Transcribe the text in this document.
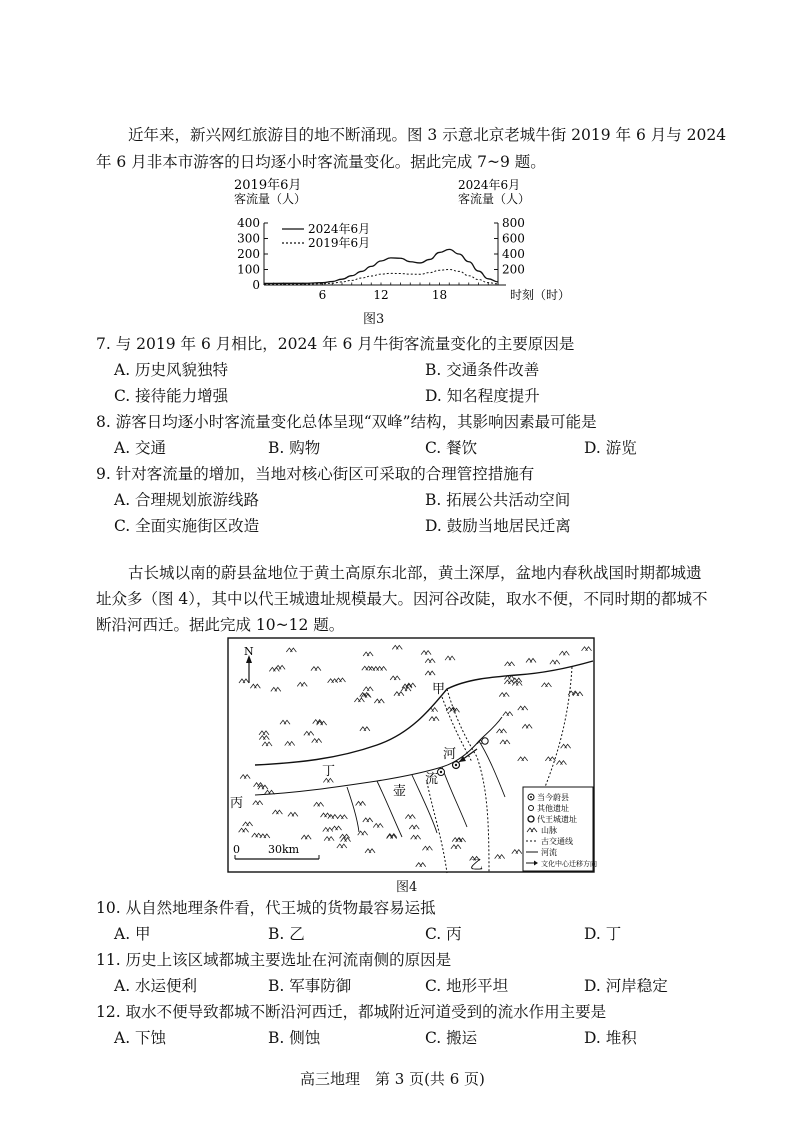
近年来，新兴网红旅游目的地不断涌现。图 3 示意北京老城牛街 2019 年 6 月与 2024
年 6 月非本市游客的日均逐小时客流量变化。据此完成 7~9 题。
2019年6月
客流量（人）
2024年6月
客流量（人）
400
300
200
100
0
800
600
400
200
6	12	18	时刻（时）
2024年6月
2019年6月
图3
7. 与 2019 年 6 月相比，2024 年 6 月牛街客流量变化的主要原因是
A. 历史风貌独特	B. 交通条件改善
C. 接待能力增强	D. 知名程度提升
8. 游客日均逐小时客流量变化总体呈现“双峰”结构，其影响因素最可能是
A. 交通	B. 购物	C. 餐饮	D. 游览
9. 针对客流量的增加，当地对核心街区可采取的合理管控措施有
A. 合理规划旅游线路	B. 拓展公共活动空间
C. 全面实施街区改造	D. 鼓励当地居民迁离
古长城以南的蔚县盆地位于黄土高原东北部，黄土深厚，盆地内春秋战国时期都城遗
址众多（图 4），其中以代王城遗址规模最大。因河谷改陡，取水不便，不同时期的都城不
断沿河西迁。据此完成 10~12 题。
N
甲
乙
丙
丁
河
流
壶
0        30km
当今蔚县
其他遗址
代王城遗址
山脉
古交通线
河流
文化中心迁移方向
图4
10. 从自然地理条件看，代王城的货物最容易运抵
A. 甲	B. 乙	C. 丙	D. 丁
11. 历史上该区域都城主要选址在河流南侧的原因是
A. 水运便利	B. 军事防御	C. 地形平坦	D. 河岸稳定
12. 取水不便导致都城不断沿河西迁，都城附近河道受到的流水作用主要是
A. 下蚀	B. 侧蚀	C. 搬运	D. 堆积
高三地理　第 3 页(共 6 页)
